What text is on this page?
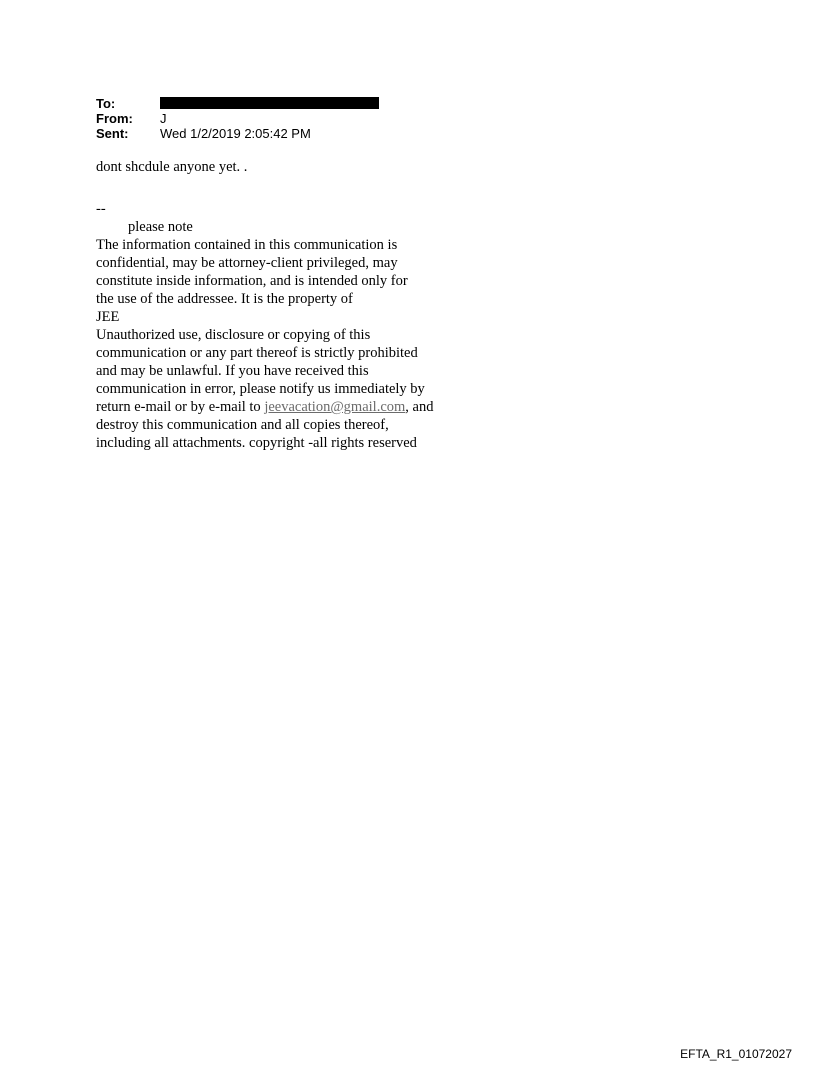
To:
From:	J
Sent:	Wed 1/2/2019 2:05:42 PM
dont shcdule anyone yet. .
--
please note
The information contained in this communication is
confidential, may be attorney-client privileged, may
constitute inside information, and is intended only for
the use of the addressee. It is the property of
JEE
Unauthorized use, disclosure or copying of this
communication or any part thereof is strictly prohibited
and may be unlawful. If you have received this
communication in error, please notify us immediately by
return e-mail or by e-mail to jeevacation@gmail.com, and
destroy this communication and all copies thereof,
including all attachments. copyright -all rights reserved
EFTA_R1_01072027
